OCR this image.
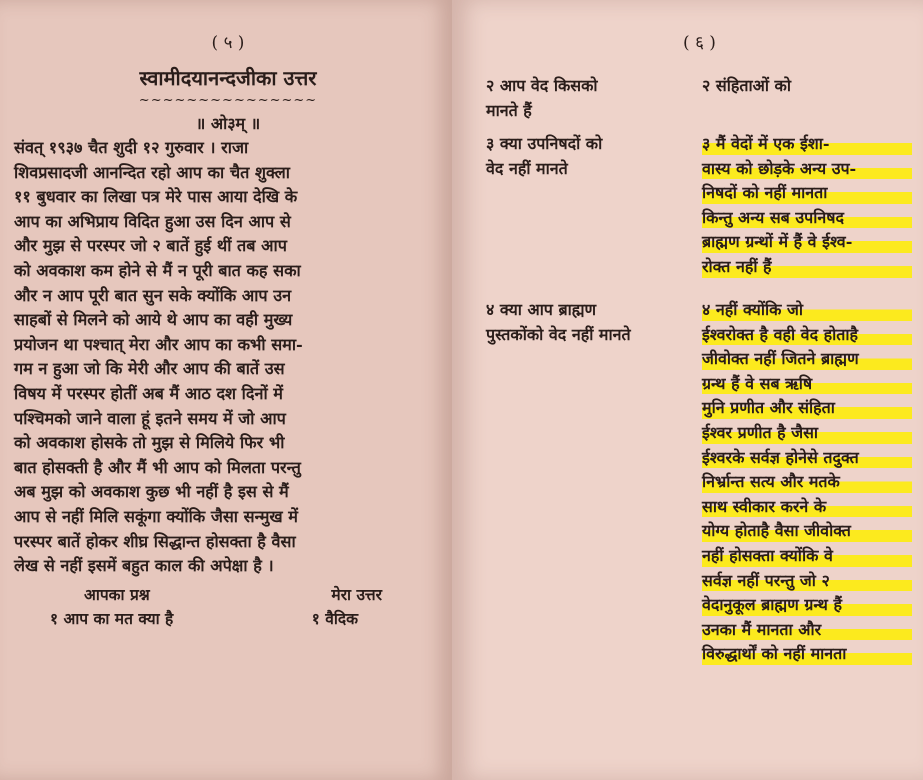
( ५ )
स्वामीदयानन्दजीका उत्तर
~~~~~~~~~~~~~~~
॥ ओ३म् ॥
संवत् १९३७ चैत शुदी १२ गुरुवार । राजा
शिवप्रसादजी आनन्दित रहो आप का चैत शुक्ला
११ बुधवार का लिखा पत्र मेरे पास आया देखि के
आप का अभिप्राय विदित हुआ उस दिन आप से
और मुझ से परस्पर जो २ बातें हुई थीं तब आप
को अवकाश कम होने से मैं न पूरी बात कह सका
और न आप पूरी बात सुन सके क्योंकि आप उन
साहबों से मिलने को आये थे आप का वही मुख्य
प्रयोजन था पश्चात् मेरा और आप का कभी समा-
गम न हुआ जो कि मेरी और आप की बातें उस
विषय में परस्पर होतीं अब मैं आठ दश दिनों में
पश्चिमको जाने वाला हूं इतने समय में जो आप
को अवकाश होसके तो मुझ से मिलिये फिर भी
बात होसक्ती है और मैं भी आप को मिलता परन्तु
अब मुझ को अवकाश कुछ भी नहीं है इस से मैं
आप से नहीं मिलि सकूंगा क्योंकि जैसा सन्मुख में
परस्पर बातें होकर शीघ्र सिद्धान्त होसक्ता है वैसा
लेख से नहीं इसमें बहुत काल की अपेक्षा है ।
आपका प्रश्न	मेरा उत्तर
१ आप का मत क्या है	१ वैदिक
( ६ )
२ आप वेद किसको
मानते हैं
२ संहिताओं को
३ क्या उपनिषदों को
वेद नहीं मानते
३ मैं वेदों में एक ईशा-
वास्य को छोड़के अन्य उप-
निषदों को नहीं मानता
किन्तु अन्य सब उपनिषद
ब्राह्मण ग्रन्थों में हैं वे ईश्व-
रोक्त नहीं हैं
४ क्या आप ब्राह्मण
पुस्तकोंको वेद नहीं मानते
४ नहीं क्योंकि जो
ईश्वरोक्त है वही वेद होताहै
जीवोक्त नहीं जितने ब्राह्मण
ग्रन्थ हैं वे सब ऋषि
मुनि प्रणीत और संहिता
ईश्वर प्रणीत है जैसा
ईश्वरके सर्वज्ञ होनेसे तदुक्त
निर्भ्रान्त सत्य और मतके
साथ स्वीकार करने के
योग्य होताहै वैसा जीवोक्त
नहीं होसक्ता क्योंकि वे
सर्वज्ञ नहीं परन्तु जो २
वेदानुकूल ब्राह्मण ग्रन्थ हैं
उनका मैं मानता और
विरुद्धार्थों को नहीं मानता
